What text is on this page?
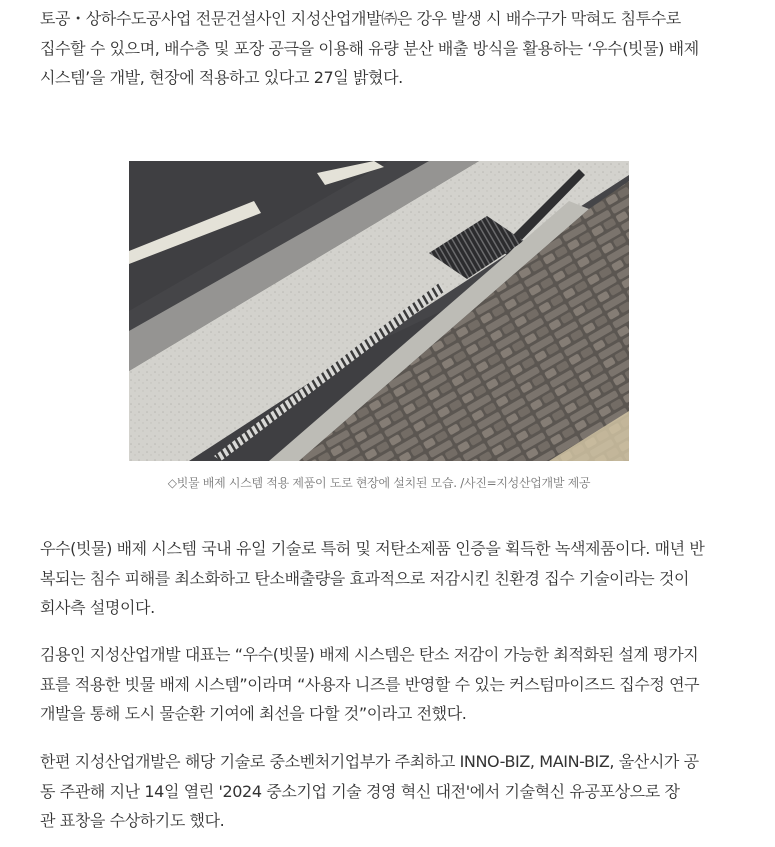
토공・상하수도공사업 전문건설사인 지성산업개발㈜은 강우 발생 시 배수구가 막혀도 침투수로
집수할 수 있으며, 배수층 및 포장 공극을 이용해 유량 분산 배출 방식을 활용하는 ‘우수(빗물) 배제
시스템’을 개발, 현장에 적용하고 있다고 27일 밝혔다.
◇빗물 배제 시스템 적용 제품이 도로 현장에 설치된 모습. /사진=지성산업개발 제공
우수(빗물) 배제 시스템 국내 유일 기술로 특허 및 저탄소제품 인증을 획득한 녹색제품이다. 매년 반
복되는 침수 피해를 최소화하고 탄소배출량을 효과적으로 저감시킨 친환경 집수 기술이라는 것이
회사측 설명이다.
김용인 지성산업개발 대표는 “우수(빗물) 배제 시스템은 탄소 저감이 가능한 최적화된 설계 평가지
표를 적용한 빗물 배제 시스템”이라며 “사용자 니즈를 반영할 수 있는 커스텀마이즈드 집수정 연구
개발을 통해 도시 물순환 기여에 최선을 다할 것”이라고 전했다.
한편 지성산업개발은 해당 기술로 중소벤처기업부가 주최하고 INNO-BIZ, MAIN-BIZ, 울산시가 공
동 주관해 지난 14일 열린 '2024 중소기업 기술 경영 혁신 대전'에서 기술혁신 유공포상으로 장
관 표창을 수상하기도 했다.
